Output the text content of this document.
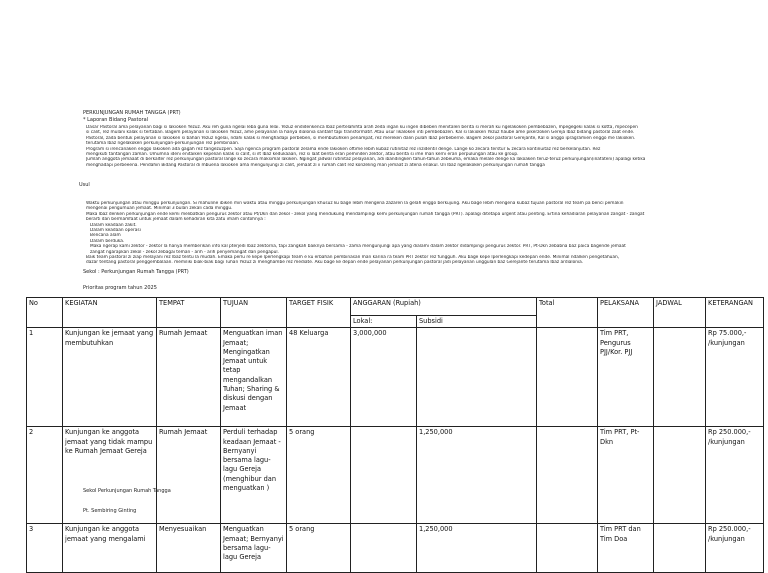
PERKUNJUNGAN RUMAH TANGGA (PRT)
* Laporan Bidang Pastoral
Dasar Pastoral ama pelayanan bagi si lakioken Yezuz. Aku reh guna ngelai leba guna lelai. Yezuz endidenkenca lbaz pertelahihta arah zeda ingan ku ingen dibeben menitalen berita si merah ku ngelakoken pembebazen, mpegegeki kalak si kotta, mpecepen
si calit, rez mulani kalak si tertaban. Bagem pelayanan si lakioken Yezuz, ame pelayanan la hanya dialonia santalif tapi transformatif. Atau usur likaloken inti pembebazen. Kal si lakioken Yezuz haube ame pikerzoken Gereja lbaz bidang pastoral zaat ende.
Pastoral, zada bentuk pelayanan si lakioken si bahan Yezuz ngelai, ndahi kalak si menghadapi perbeben, si membutuhken penampat, rez mereken dalin pulah lbaz perbeberne. Bagem zekol pastoral Gerejante, Kal si anggo ipragramien enggo me lakioken.
terutama lbaz ngelakoken perkunjungan-perkunjungan rez pembinaan.
Program si irencanaken enggo lakioken ada gagah rez tangezuzpen. Saja ngenca program pastoral zelama ende lakioken oftime lebih kubaz rutinitaz rez inzidentil denge. Lange ko zecara terstur & zecara kontinuitaz rez berkelanjutan. Rez
mengikuti tantangan zaman. Umumna ideni enitaiken kepelian kalak si calit, si ilt lbaz kedukaaan, rez si laat berita eran peminden zektor, atau berita si ime man kerni eran perpulungan atau ke group.
Jumlah anggota jemaaat di berkalter rez perkunjungan pastoral lange ko zecara maksimal lakiken. Ngingat jadwal rutinitaz pelayanan, adi ibandingken tahun-tahun zebeuma, emaka melale denge ka lakoaken teruz-teruz perkunjungan(inafateni) apalagi ketika
menghadapi perbeeena. Pendahin Bidang Pastoral di mbuena lakioken ama mengunjungi zi calit, jemaat zi ii rumah calit rez konzeling man jemaat zi atena eriakul. Uli lbaz ngelakoken perkunjungan rumah tangga
Usul
Waktu perkunjungan atau minggu perkunjungan. Si mahuline ibiken min waktu atau minggu perkunjungan khusuz ku bage lebih mengena zazaren la gelah enggo berkujung. Aku bage lebih mengena kubaz tujuan pastoral rez team pa benci pemakin
mengenai pengumuan jemaat. Minimal 3 bulan zekali cada minggu.
Maka lbaz denken perkunjungan ende kemi melibatkan pengurus zektor atau Pt/Dkn dan zekol - zekol yang mendukung mendampingi kemi perkunjungan rumah tangga (PRT). apalagi ditetapa urgent atau penting. Ertina kehadiaran pelayanan zangat - zangat
berarti dan bermamfaat untuk jemaat dalam kehadiran kita zatu imam contohnya :
Dalam keadaan zakit.
Dalam keadaan operasi
Bencana alam
Dalam berduka.
Maka ngerap kami zektor - zektor la hanya memberikan info kal pterjedi lbaz zektorna, tapi zangkah baiknya bersama - zama mengunjungi apa yang dialami dalam zektor didampingi pengurus zektor. PRT, Pt-Dkn zebabna baz paica bagende jemaat
zangat ngarapkan zekol - zekol zebagai teman - arih - arih penyemangat dan pengapul.
Baik team pastoral zi ziap melayani rez lbaz tentu la mudah. Emaka perlu re kepe lperlengkapi team e ku erbahan pembinasan man karina ra team PRT zektor rez fungguh. Aku bage kepe lperlengkapi kedepan ende. Minimal ndalken pengetahuan,
dazar tentang pastoral penggembalaan. memiliki biak-biak bagi Tuhan Yezuz zi menghambe rez mediate. Aku bage ke depan ende pelayanan perkunjungan pastoral jadi pelayanan unggulan baz Gerejante terutama lbaz ardialonia.
Sekol : Perkunjungan Rumah Tangga (PRT)
Prioritas program tahun 2025
No	KEGIATAN	TEMPAT	TUJUAN	TARGET FISIK	ANGGARAN (Rupiah)		Total	PELAKSANA	JADWAL	KETERANGAN
					Lokal:	Subsidi				
1	Kunjungan ke jemaat yang membutuhkan	Rumah Jemaat	Menguatkan iman Jemaat; Mengingatkan Jemaat untuk tetap mengandalkan Tuhan; Sharing & diskusi dengan Jemaat	48 Keluarga	3,000,000			Tim PRT, Pengurus PJJ/Kor. PJJ		Rp 75.000,- /kunjungan
2	Kunjungan ke anggota jemaat yang tidak mampu ke Rumah Jemaat Gereja	Rumah Jemaat	Perduli terhadap keadaan Jemaat - Bernyanyi bersama lagu-lagu Gereja (menghibur dan menguatkan )	5 orang		1,250,000		Tim PRT, Pt-Dkn		Rp 250.000,- /kunjungan
3	Kunjungan ke anggota jemaat yang mengalami	Menyesuaikan	Menguatkan Jemaat; Bernyanyi bersama lagu-lagu Gereja	5 orang		1,250,000		Tim PRT dan Tim Doa		Rp 250.000,- /kunjungan
Sekol Perkunjungan Rumah Tangga
Pt. Sembiring Ginting
